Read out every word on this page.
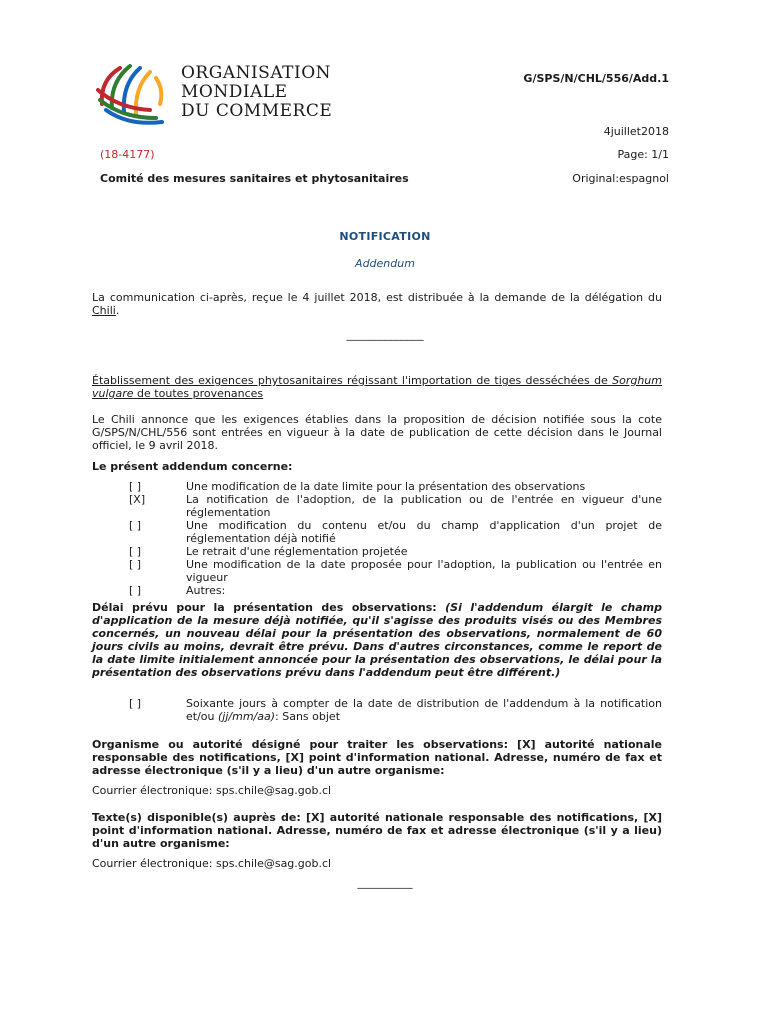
ORGANISATION
MONDIALE
DU COMMERCE
G/SPS/N/CHL/556/Add.1
4juillet2018
(18-4177)	Page: 1/1
Comité des mesures sanitaires et phytosanitaires	Original:espagnol
NOTIFICATION
Addendum
La communication ci-après, reçue le 4 juillet 2018, est distribuée à la demande de la délégation du Chili.
______________
Établissement des exigences phytosanitaires régissant l'importation de tiges desséchées de Sorghum vulgare de toutes provenances
Le Chili annonce que les exigences établies dans la proposition de décision notifiée sous la cote G/SPS/N/CHL/556 sont entrées en vigueur à la date de publication de cette décision dans le Journal officiel, le 9 avril 2018.
Le présent addendum concerne:
[ ]	Une modification de la date limite pour la présentation des observations
[X]	La notification de l'adoption, de la publication ou de l'entrée en vigueur d'une réglementation
[ ]	Une modification du contenu et/ou du champ d'application d'un projet de réglementation déjà notifié
[ ]	Le retrait d'une réglementation projetée
[ ]	Une modification de la date proposée pour l'adoption, la publication ou l'entrée en vigueur
[ ]	Autres:
Délai prévu pour la présentation des observations: (Si l'addendum élargit le champ d'application de la mesure déjà notifiée, qu'il s'agisse des produits visés ou des Membres concernés, un nouveau délai pour la présentation des observations, normalement de 60 jours civils au moins, devrait être prévu. Dans d'autres circonstances, comme le report de la date limite initialement annoncée pour la présentation des observations, le délai pour la présentation des observations prévu dans l'addendum peut être différent.)
[ ]	Soixante jours à compter de la date de distribution de l'addendum à la notification et/ou (jj/mm/aa): Sans objet
Organisme ou autorité désigné pour traiter les observations: [X] autorité nationale responsable des notifications, [X] point d'information national. Adresse, numéro de fax et adresse électronique (s'il y a lieu) d'un autre organisme:
Courrier électronique: sps.chile@sag.gob.cl
Texte(s) disponible(s) auprès de: [X] autorité nationale responsable des notifications, [X] point d'information national. Adresse, numéro de fax et adresse électronique (s'il y a lieu) d'un autre organisme:
Courrier électronique: sps.chile@sag.gob.cl
__________
